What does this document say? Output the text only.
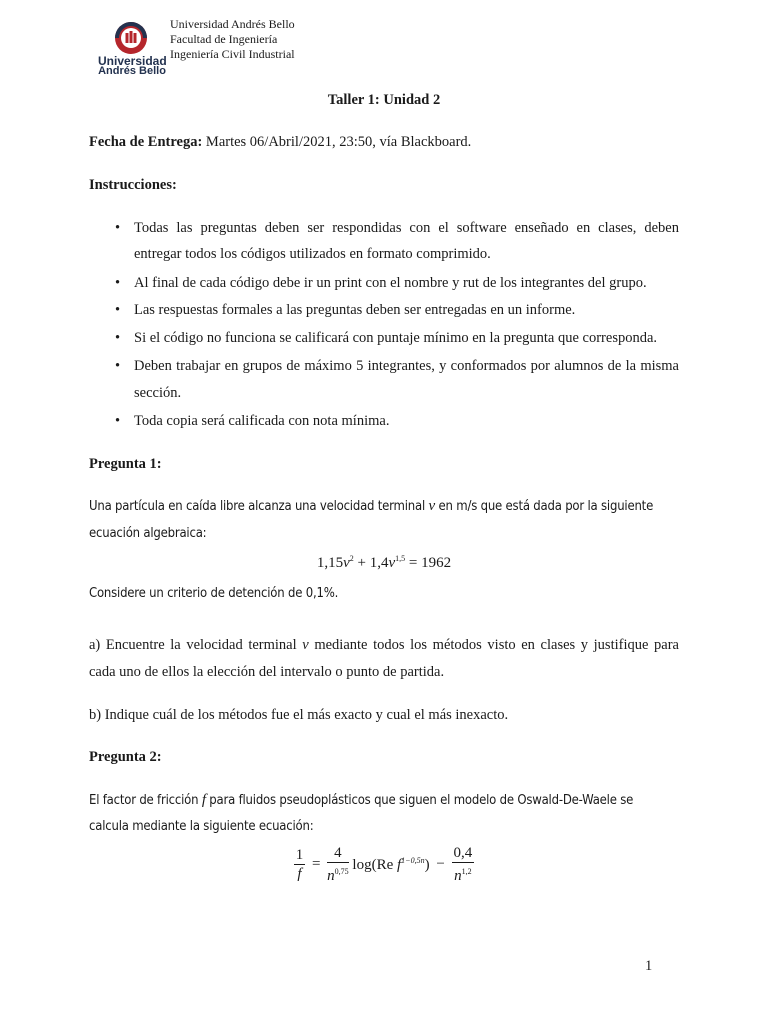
Universidad
Andrés Bello
Universidad Andrés Bello
Facultad de Ingeniería
Ingeniería Civil Industrial
Taller 1: Unidad 2
Fecha de Entrega: Martes 06/Abril/2021, 23:50, vía Blackboard.
Instrucciones:
• Todas las preguntas deben ser respondidas con el software enseñado en clases, deben
entregar todos los códigos utilizados en formato comprimido.
• Al final de cada código debe ir un print con el nombre y rut de los integrantes del grupo.
• Las respuestas formales a las preguntas deben ser entregadas en un informe.
• Si el código no funciona se calificará con puntaje mínimo en la pregunta que corresponda.
• Deben trabajar en grupos de máximo 5 integrantes, y conformados por alumnos de la misma
sección.
• Toda copia será calificada con nota mínima.
Pregunta 1:
Una partícula en caída libre alcanza una velocidad terminal v en m/s que está dada por la siguiente
ecuación algebraica:
$1,15v^2 + 1,4v^{1,5} = 1962$
Considere un criterio de detención de 0,1%.
a) Encuentre la velocidad terminal v mediante todos los métodos visto en clases y justifique para
cada uno de ellos la elección del intervalo o punto de partida.
b) Indique cuál de los métodos fue el más exacto y cual el más inexacto.
Pregunta 2:
El factor de fricción f para fluidos pseudoplásticos que siguen el modelo de Oswald-De-Waele se
calcula mediante la siguiente ecuación:
$\frac{1}{f} = \frac{4}{n^{0,75}} \log(Re$ $f^{1-0,5n}) - \frac{0,4}{n^{1,2}}$
1
